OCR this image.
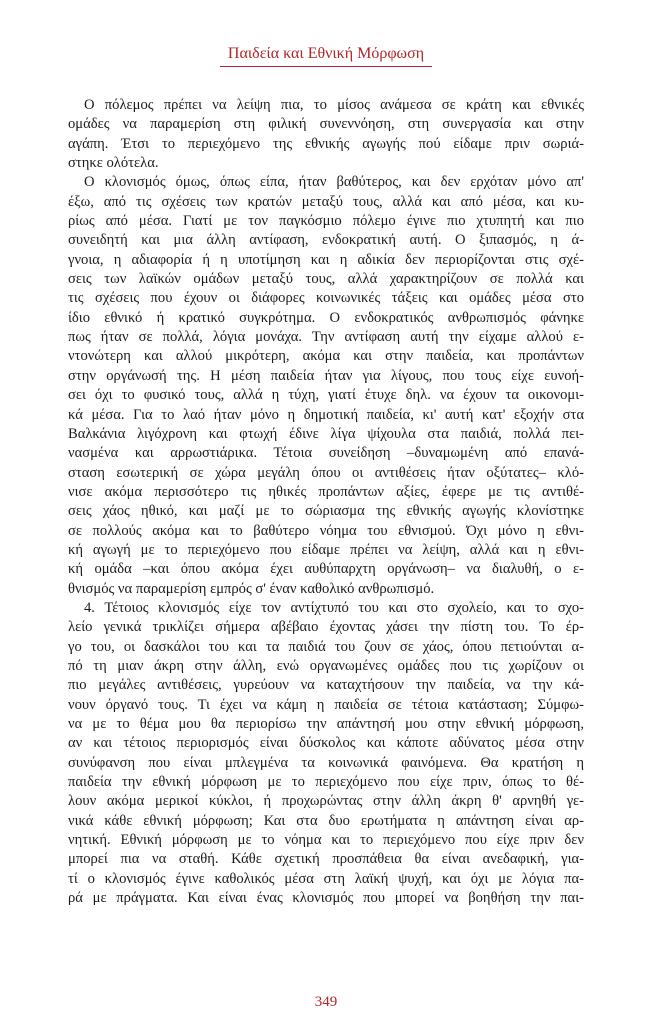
Παιδεία και Εθνική Μόρφωση
Ο πόλεμος πρέπει να λείψη πια, το μίσος ανάμεσα σε κράτη και εθνικές
ομάδες να παραμερίση στη φιλική συνεννόηση, στη συνεργασία και στην
αγάπη. Έτσι το περιεχόμενο της εθνικής αγωγής πού είδαμε πριν σωριά-
στηκε ολότελα.
Ο κλονισμός όμως, όπως είπα, ήταν βαθύτερος, και δεν ερχόταν μόνο απ'
έξω, από τις σχέσεις των κρατών μεταξύ τους, αλλά και από μέσα, και κυ-
ρίως από μέσα. Γιατί με τον παγκόσμιο πόλεμο έγινε πιο χτυπητή και πιο
συνειδητή και μια άλλη αντίφαση, ενδοκρατική αυτή. Ο ξιπασμός, η ά-
γνοια, η αδιαφορία ή η υποτίμηση και η αδικία δεν περιορίζονται στις σχέ-
σεις των λαϊκών ομάδων μεταξύ τους, αλλά χαρακτηρίζουν σε πολλά και
τις σχέσεις που έχουν οι διάφορες κοινωνικές τάξεις και ομάδες μέσα στο
ίδιο εθνικό ή κρατικό συγκρότημα. Ο ενδοκρατικός ανθρωπισμός φάνηκε
πως ήταν σε πολλά, λόγια μονάχα. Την αντίφαση αυτή την είχαμε αλλού ε-
ντονώτερη και αλλού μικρότερη, ακόμα και στην παιδεία, και προπάντων
στην οργάνωσή της. Η μέση παιδεία ήταν για λίγους, που τους είχε ευνοή-
σει όχι το φυσικό τους, αλλά η τύχη, γιατί έτυχε δηλ. να έχουν τα οικονομι-
κά μέσα. Για το λαό ήταν μόνο η δημοτική παιδεία, κι' αυτή κατ' εξοχήν στα
Βαλκάνια λιγόχρονη και φτωχή έδινε λίγα ψίχουλα στα παιδιά, πολλά πει-
νασμένα και αρρωστιάρικα. Τέτοια συνείδηση –δυναμωμένη από επανά-
σταση εσωτερική σε χώρα μεγάλη όπου οι αντιθέσεις ήταν οξύτατες– κλό-
νισε ακόμα περισσότερο τις ηθικές προπάντων αξίες, έφερε με τις αντιθέ-
σεις χάος ηθικό, και μαζί με το σώριασμα της εθνικής αγωγής κλονίστηκε
σε πολλούς ακόμα και το βαθύτερο νόημα του εθνισμού. Όχι μόνο η εθνι-
κή αγωγή με το περιεχόμενο που είδαμε πρέπει να λείψη, αλλά και η εθνι-
κή ομάδα –και όπου ακόμα έχει αυθύπαρχτη οργάνωση– να διαλυθή, ο ε-
θνισμός να παραμερίση εμπρός σ' έναν καθολικό ανθρωπισμό.
4. Τέτοιος κλονισμός είχε τον αντίχτυπό του και στο σχολείο, και το σχο-
λείο γενικά τρικλίζει σήμερα αβέβαιο έχοντας χάσει την πίστη του. Το έρ-
γο του, οι δασκάλοι του και τα παιδιά του ζουν σε χάος, όπου πετιούνται α-
πό τη μιαν άκρη στην άλλη, ενώ οργανωμένες ομάδες που τις χωρίζουν οι
πιο μεγάλες αντιθέσεις, γυρεύουν να καταχτήσουν την παιδεία, να την κά-
νουν όργανό τους. Τι έχει να κάμη η παιδεία σε τέτοια κατάσταση; Σύμφω-
να με το θέμα μου θα περιορίσω την απάντησή μου στην εθνική μόρφωση,
αν και τέτοιος περιορισμός είναι δύσκολος και κάποτε αδύνατος μέσα στην
συνύφανση που είναι μπλεγμένα τα κοινωνικά φαινόμενα. Θα κρατήση η
παιδεία την εθνική μόρφωση με το περιεχόμενο που είχε πριν, όπως το θέ-
λουν ακόμα μερικοί κύκλοι, ή προχωρώντας στην άλλη άκρη θ' αρνηθή γε-
νικά κάθε εθνική μόρφωση; Και στα δυο ερωτήματα η απάντηση είναι αρ-
νητική. Εθνική μόρφωση με το νόημα και το περιεχόμενο που είχε πριν δεν
μπορεί πια να σταθή. Κάθε σχετική προσπάθεια θα είναι ανεδαφική, για-
τί ο κλονισμός έγινε καθολικός μέσα στη λαϊκή ψυχή, και όχι με λόγια πα-
ρά με πράγματα. Και είναι ένας κλονισμός που μπορεί να βοηθήση την παι-
349
